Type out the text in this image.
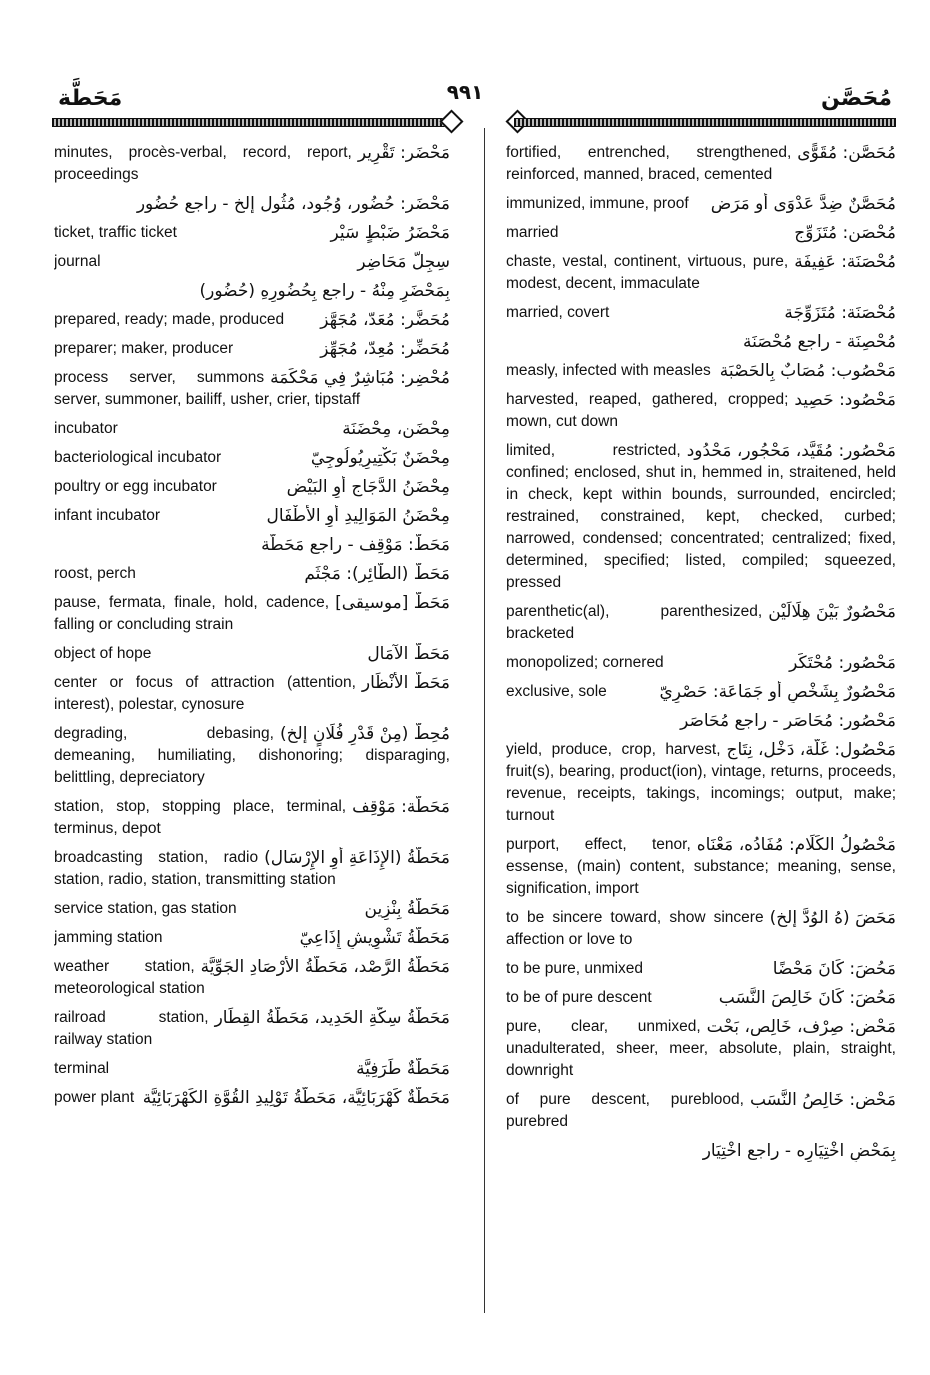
مَحَطَّة	٩٩١	مُحَصَّن
مَحْضَر: تَقْرِير
minutes, procès-verbal, record, report, proceedings
مَحْضَر: حُضُور، وُجُود، مُثُول إلخ - راجع حُضُور
مَحْضَرُ ضَبْطٍ سَيْر
ticket, traffic ticket
سِجِلُّ مَحَاضِر
journal
بِمَحْضَرٍ مِنْهُ - راجع بِحُضُورِهِ (حُضُور)
مُحَضَّر: مُعَدّ، مُجَهَّز
prepared, ready; made, produced
مُحَضِّر: مُعِدّ، مُجَهِّز
preparer; maker, producer
مُحْضِر: مُبَاشِرٌ فِي مَحْكَمَة
process server, summons server, summoner, bailiff, usher, crier, tipstaff
مِحْضَن، مِحْضَنَة
incubator
مِحْضَنٌ بَكْتِيرِيُولُوجِيّ
bacteriological incubator
مِحْضَنُ الدَّجَاجِ أَوِ البَيْض
poultry or egg incubator
مِحْضَنُ المَوَالِيدِ أَوِ الأَطْفَال
infant incubator
مَحَطّ: مَوْقِف - راجع مَحَطَّة
مَحَطّ (الطَّائِر): مَجْثَم
roost, perch
مَحَطّ [موسيقى]
pause, fermata, finale, hold, cadence, falling or concluding strain
مَحَطُّ الآمَال
object of hope
مَحَطُّ الأَنْظَار
center or focus of attraction (attention, interest), polestar, cynosure
مُحِطّ (مِنْ قَدْرِ فُلَانٍ إلخ)
degrading, debasing, demeaning, humiliating, dishonoring; disparaging, belittling, depreciatory
مَحَطَّة: مَوْقِف
station, stop, stopping place, terminal, terminus, depot
مَحَطَّةُ (الإِذَاعَةِ أَوِ الإِرْسَال)
broadcasting station, radio station, radio, station, transmitting station
مَحَطَّةُ بِنْزِين
service station, gas station
مَحَطَّةُ تَشْوِيشٍ إِذَاعِيّ
jamming station
مَحَطَّةُ الرَّصْد، مَحَطَّةُ الأَرْصَادِ الجَوِّيَّة
weather station, meteorological station
مَحَطَّةُ سِكَّةِ الحَدِيد، مَحَطَّةُ القِطَار
railroad station, railway station
مَحَطَّةٌ طَرَفِيَّة
terminal
مَحَطَّةٌ كَهْرَبَائِيَّة، مَحَطَّةُ تَوْلِيدِ القُوَّةِ الكَهْرَبَائِيَّة
power plant
مُحَصَّن: مُقَوًّى
fortified, entrenched, strengthened, reinforced, manned, braced, cemented
مُحَصَّنٌ ضِدَّ عَدْوَى أو مَرَض
immunized, immune, proof
مُحْصَن: مُتَزَوِّج
married
مُحْصَنَة: عَفِيفَة
chaste, vestal, continent, virtuous, pure, modest, decent, immaculate
مُحْصَنَة: مُتَزَوِّجَة
married, covert
مُحْصِنَة - راجع مُحْصَنَة
مَحْصُوب: مُصَابٌ بِالحَصْبَة
measly, infected with measles
مَحْصُود: حَصِيد
harvested, reaped, gathered, cropped; mown, cut down
مَحْصُور: مُقَيَّد، مَحْجُور، مَحْدُود
limited, restricted, confined; enclosed, shut in, hemmed in, straitened, held in check, kept within bounds, surrounded, encircled; restrained, constrained, kept, checked, curbed; narrowed, condensed; concentrated; centralized; fixed, determined, specified; listed, compiled; squeezed, pressed
مَحْصُورٌ بَيْنَ هِلَالَيْن
parenthetic(al), parenthesized, bracketed
مَحْصُور: مُحْتَكَر
monopolized; cornered
مَحْصُورٌ بِشَخْصٍ أو جَمَاعَة: حَصْرِيّ
exclusive, sole
مَحْصُور: مُحَاصَر - راجع مُحَاصَر
مَحْصُول: غَلَّة، دَخْل، نِتَاج
yield, produce, crop, harvest, fruit(s), bearing, product(ion), vintage, returns, proceeds, revenue, receipts, takings, incomings; output, make; turnout
مَحْصُولُ الكَلَام: مُفَادُه، مَعْنَاه
purport, effect, tenor, essense, (main) content, substance; meaning, sense, signification, import
مَحَضَ (هُ الوُدَّ إلخ)
to be sincere toward, show sincere affection or love to
مَحُضَ: كَانَ مَحْضًا
to be pure, unmixed
مَحُضَ: كَانَ خَالِصَ النَّسَب
to be of pure descent
مَحْض: صِرْف، خَالِص، بَحْت
pure, clear, unmixed, unadulterated, sheer, meer, absolute, plain, straight, downright
مَحْض: خَالِصُ النَّسَب
of pure descent, pureblood, purebred
بِمَحْضِ اخْتِيَارِه - راجع اخْتِيَار
